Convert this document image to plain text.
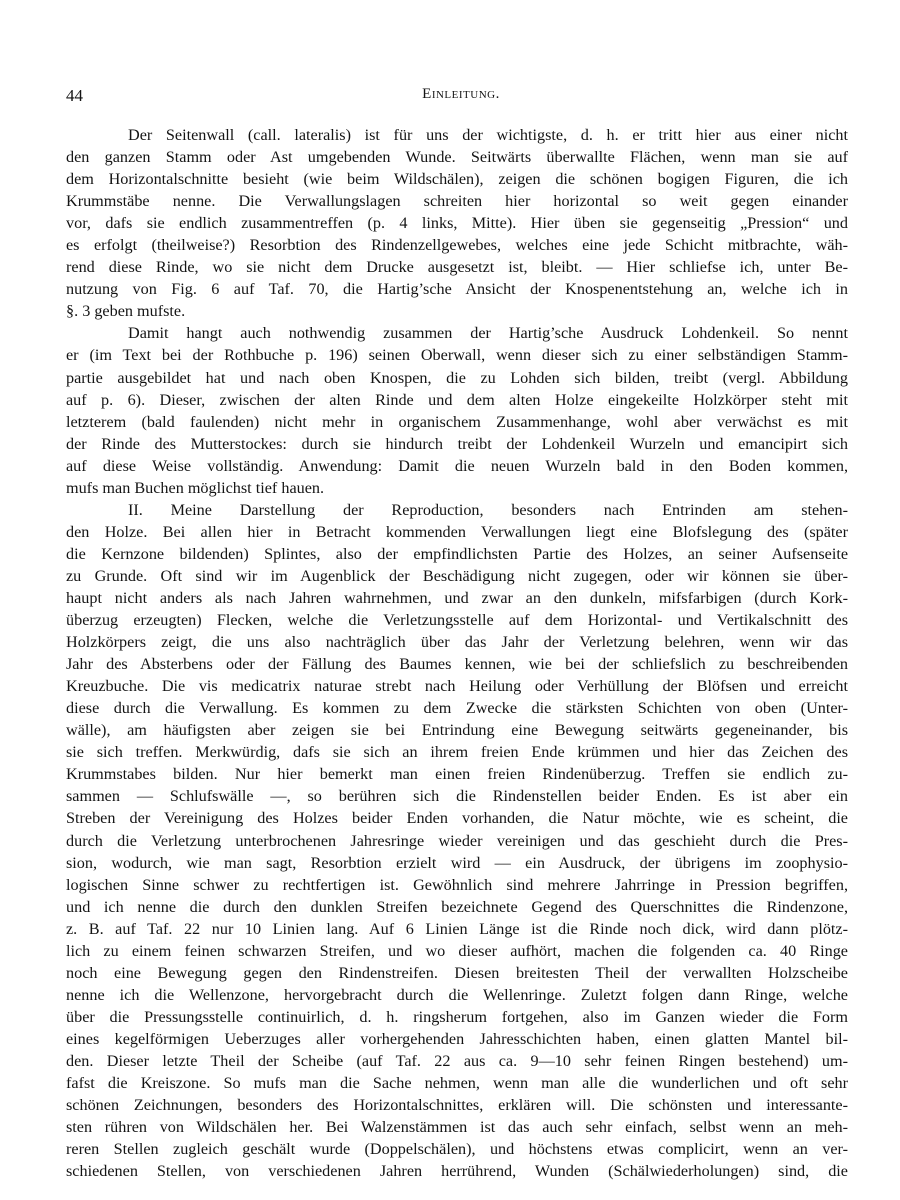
44	Einleitung.
Der Seitenwall (call. lateralis) ist für uns der wichtigste, d. h. er tritt hier aus einer nicht
den ganzen Stamm oder Ast umgebenden Wunde. Seitwärts überwallte Flächen, wenn man sie auf
dem Horizontalschnitte besieht (wie beim Wildschälen), zeigen die schönen bogigen Figuren, die ich
Krummstäbe nenne. Die Verwallungslagen schreiten hier horizontal so weit gegen einander
vor, dafs sie endlich zusammentreffen (p. 4 links, Mitte). Hier üben sie gegenseitig „Pression“ und
es erfolgt (theilweise?) Resorbtion des Rindenzellgewebes, welches eine jede Schicht mitbrachte, wäh-
rend diese Rinde, wo sie nicht dem Drucke ausgesetzt ist, bleibt. — Hier schliefse ich, unter Be-
nutzung von Fig. 6 auf Taf. 70, die Hartig’sche Ansicht der Knospenentstehung an, welche ich in
§. 3 geben mufste.
Damit hangt auch nothwendig zusammen der Hartig’sche Ausdruck Lohdenkeil. So nennt
er (im Text bei der Rothbuche p. 196) seinen Oberwall, wenn dieser sich zu einer selbständigen Stamm-
partie ausgebildet hat und nach oben Knospen, die zu Lohden sich bilden, treibt (vergl. Abbildung
auf p. 6). Dieser, zwischen der alten Rinde und dem alten Holze eingekeilte Holzkörper steht mit
letzterem (bald faulenden) nicht mehr in organischem Zusammenhange, wohl aber verwächst es mit
der Rinde des Mutterstockes: durch sie hindurch treibt der Lohdenkeil Wurzeln und emancipirt sich
auf diese Weise vollständig. Anwendung: Damit die neuen Wurzeln bald in den Boden kommen,
mufs man Buchen möglichst tief hauen.
II. Meine Darstellung der Reproduction, besonders nach Entrinden am stehen-
den Holze. Bei allen hier in Betracht kommenden Verwallungen liegt eine Blofslegung des (später
die Kernzone bildenden) Splintes, also der empfindlichsten Partie des Holzes, an seiner Aufsenseite
zu Grunde. Oft sind wir im Augenblick der Beschädigung nicht zugegen, oder wir können sie über-
haupt nicht anders als nach Jahren wahrnehmen, und zwar an den dunkeln, mifsfarbigen (durch Kork-
überzug erzeugten) Flecken, welche die Verletzungsstelle auf dem Horizontal- und Vertikalschnitt des
Holzkörpers zeigt, die uns also nachträglich über das Jahr der Verletzung belehren, wenn wir das
Jahr des Absterbens oder der Fällung des Baumes kennen, wie bei der schliefslich zu beschreibenden
Kreuzbuche. Die vis medicatrix naturae strebt nach Heilung oder Verhüllung der Blöfsen und erreicht
diese durch die Verwallung. Es kommen zu dem Zwecke die stärksten Schichten von oben (Unter-
wälle), am häufigsten aber zeigen sie bei Entrindung eine Bewegung seitwärts gegeneinander, bis
sie sich treffen. Merkwürdig, dafs sie sich an ihrem freien Ende krümmen und hier das Zeichen des
Krummstabes bilden. Nur hier bemerkt man einen freien Rindenüberzug. Treffen sie endlich zu-
sammen — Schlufswälle —, so berühren sich die Rindenstellen beider Enden. Es ist aber ein
Streben der Vereinigung des Holzes beider Enden vorhanden, die Natur möchte, wie es scheint, die
durch die Verletzung unterbrochenen Jahresringe wieder vereinigen und das geschieht durch die Pres-
sion, wodurch, wie man sagt, Resorbtion erzielt wird — ein Ausdruck, der übrigens im zoophysio-
logischen Sinne schwer zu rechtfertigen ist. Gewöhnlich sind mehrere Jahrringe in Pression begriffen,
und ich nenne die durch den dunklen Streifen bezeichnete Gegend des Querschnittes die Rindenzone,
z. B. auf Taf. 22 nur 10 Linien lang. Auf 6 Linien Länge ist die Rinde noch dick, wird dann plötz-
lich zu einem feinen schwarzen Streifen, und wo dieser aufhört, machen die folgenden ca. 40 Ringe
noch eine Bewegung gegen den Rindenstreifen. Diesen breitesten Theil der verwallten Holzscheibe
nenne ich die Wellenzone, hervorgebracht durch die Wellenringe. Zuletzt folgen dann Ringe, welche
über die Pressungsstelle continuirlich, d. h. ringsherum fortgehen, also im Ganzen wieder die Form
eines kegelförmigen Ueberzuges aller vorhergehenden Jahresschichten haben, einen glatten Mantel bil-
den. Dieser letzte Theil der Scheibe (auf Taf. 22 aus ca. 9—10 sehr feinen Ringen bestehend) um-
fafst die Kreiszone. So mufs man die Sache nehmen, wenn man alle die wunderlichen und oft sehr
schönen Zeichnungen, besonders des Horizontalschnittes, erklären will. Die schönsten und interessante-
sten rühren von Wildschälen her. Bei Walzenstämmen ist das auch sehr einfach, selbst wenn an meh-
reren Stellen zugleich geschält wurde (Doppelschälen), und höchstens etwas complicirt, wenn an ver-
schiedenen Stellen, von verschiedenen Jahren herrührend, Wunden (Schälwiederholungen) sind, die
